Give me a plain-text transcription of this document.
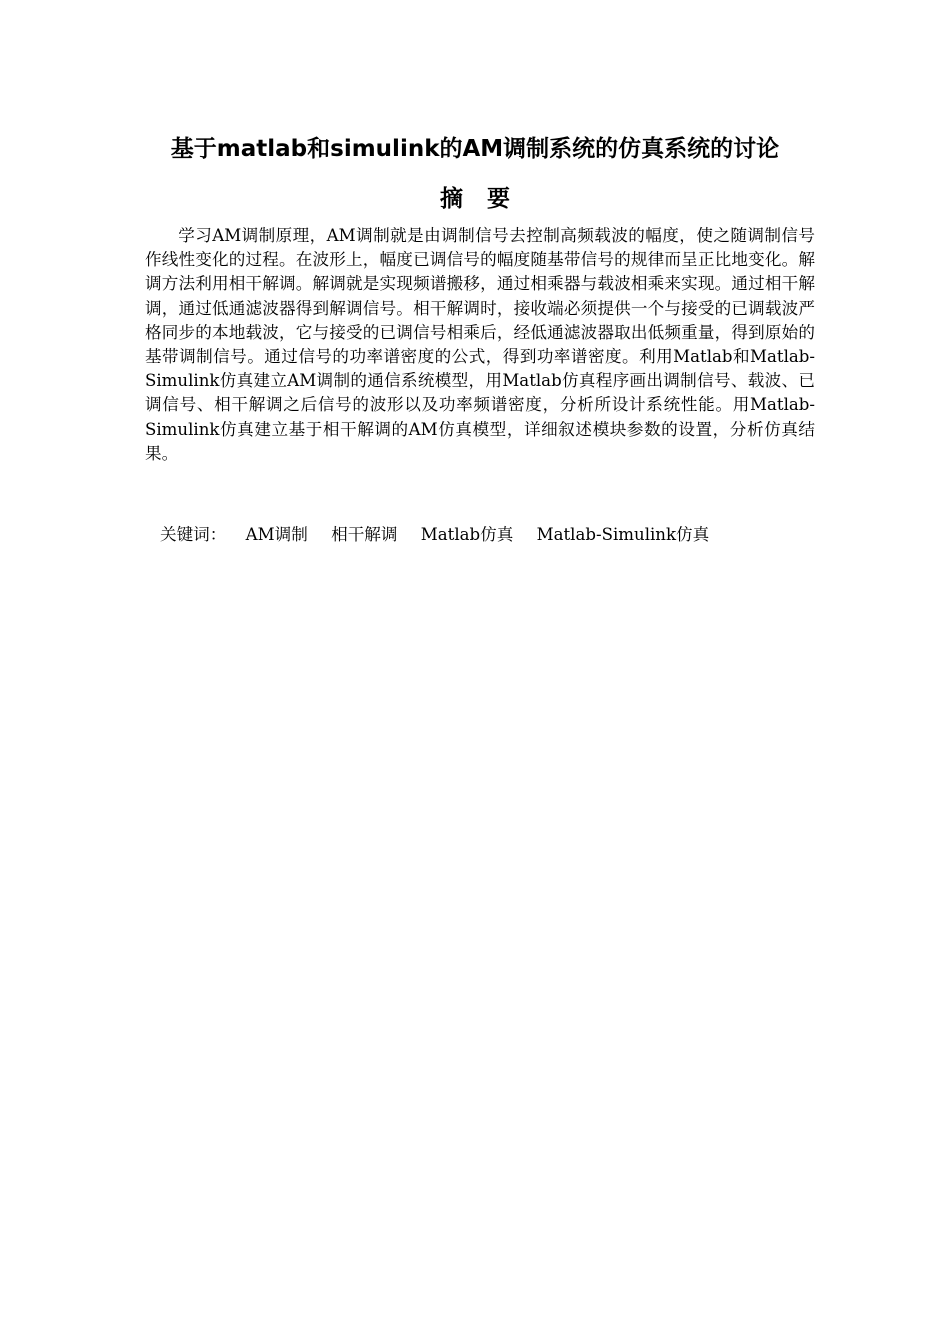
基于matlab和simulink的AM调制系统的仿真系统的讨论
摘要

学习AM调制原理，AM调制就是由调制信号去控制高频载波的幅度，使之随调制信号作线性变化的过程。在波形上，幅度已调信号的幅度随基带信号的规律而呈正比地变化。解调方法利用相干解调。解调就是实现频谱搬移，通过相乘器与载波相乘来实现。通过相干解调，通过低通滤波器得到解调信号。相干解调时，接收端必须提供一个与接受的已调载波严格同步的本地载波，它与接受的已调信号相乘后，经低通滤波器取出低频重量，得到原始的基带调制信号。通过信号的功率谱密度的公式，得到功率谱密度。利用Matlab和Matlab-Simulink仿真建立AM调制的通信系统模型，用Matlab仿真程序画出调制信号、载波、已调信号、相干解调之后信号的波形以及功率频谱密度，分析所设计系统性能。用Matlab-Simulink仿真建立基于相干解调的AM仿真模型，详细叙述模块参数的设置，分析仿真结果。

关键词： AM调制 相干解调 Matlab仿真 Matlab-Simulink仿真
